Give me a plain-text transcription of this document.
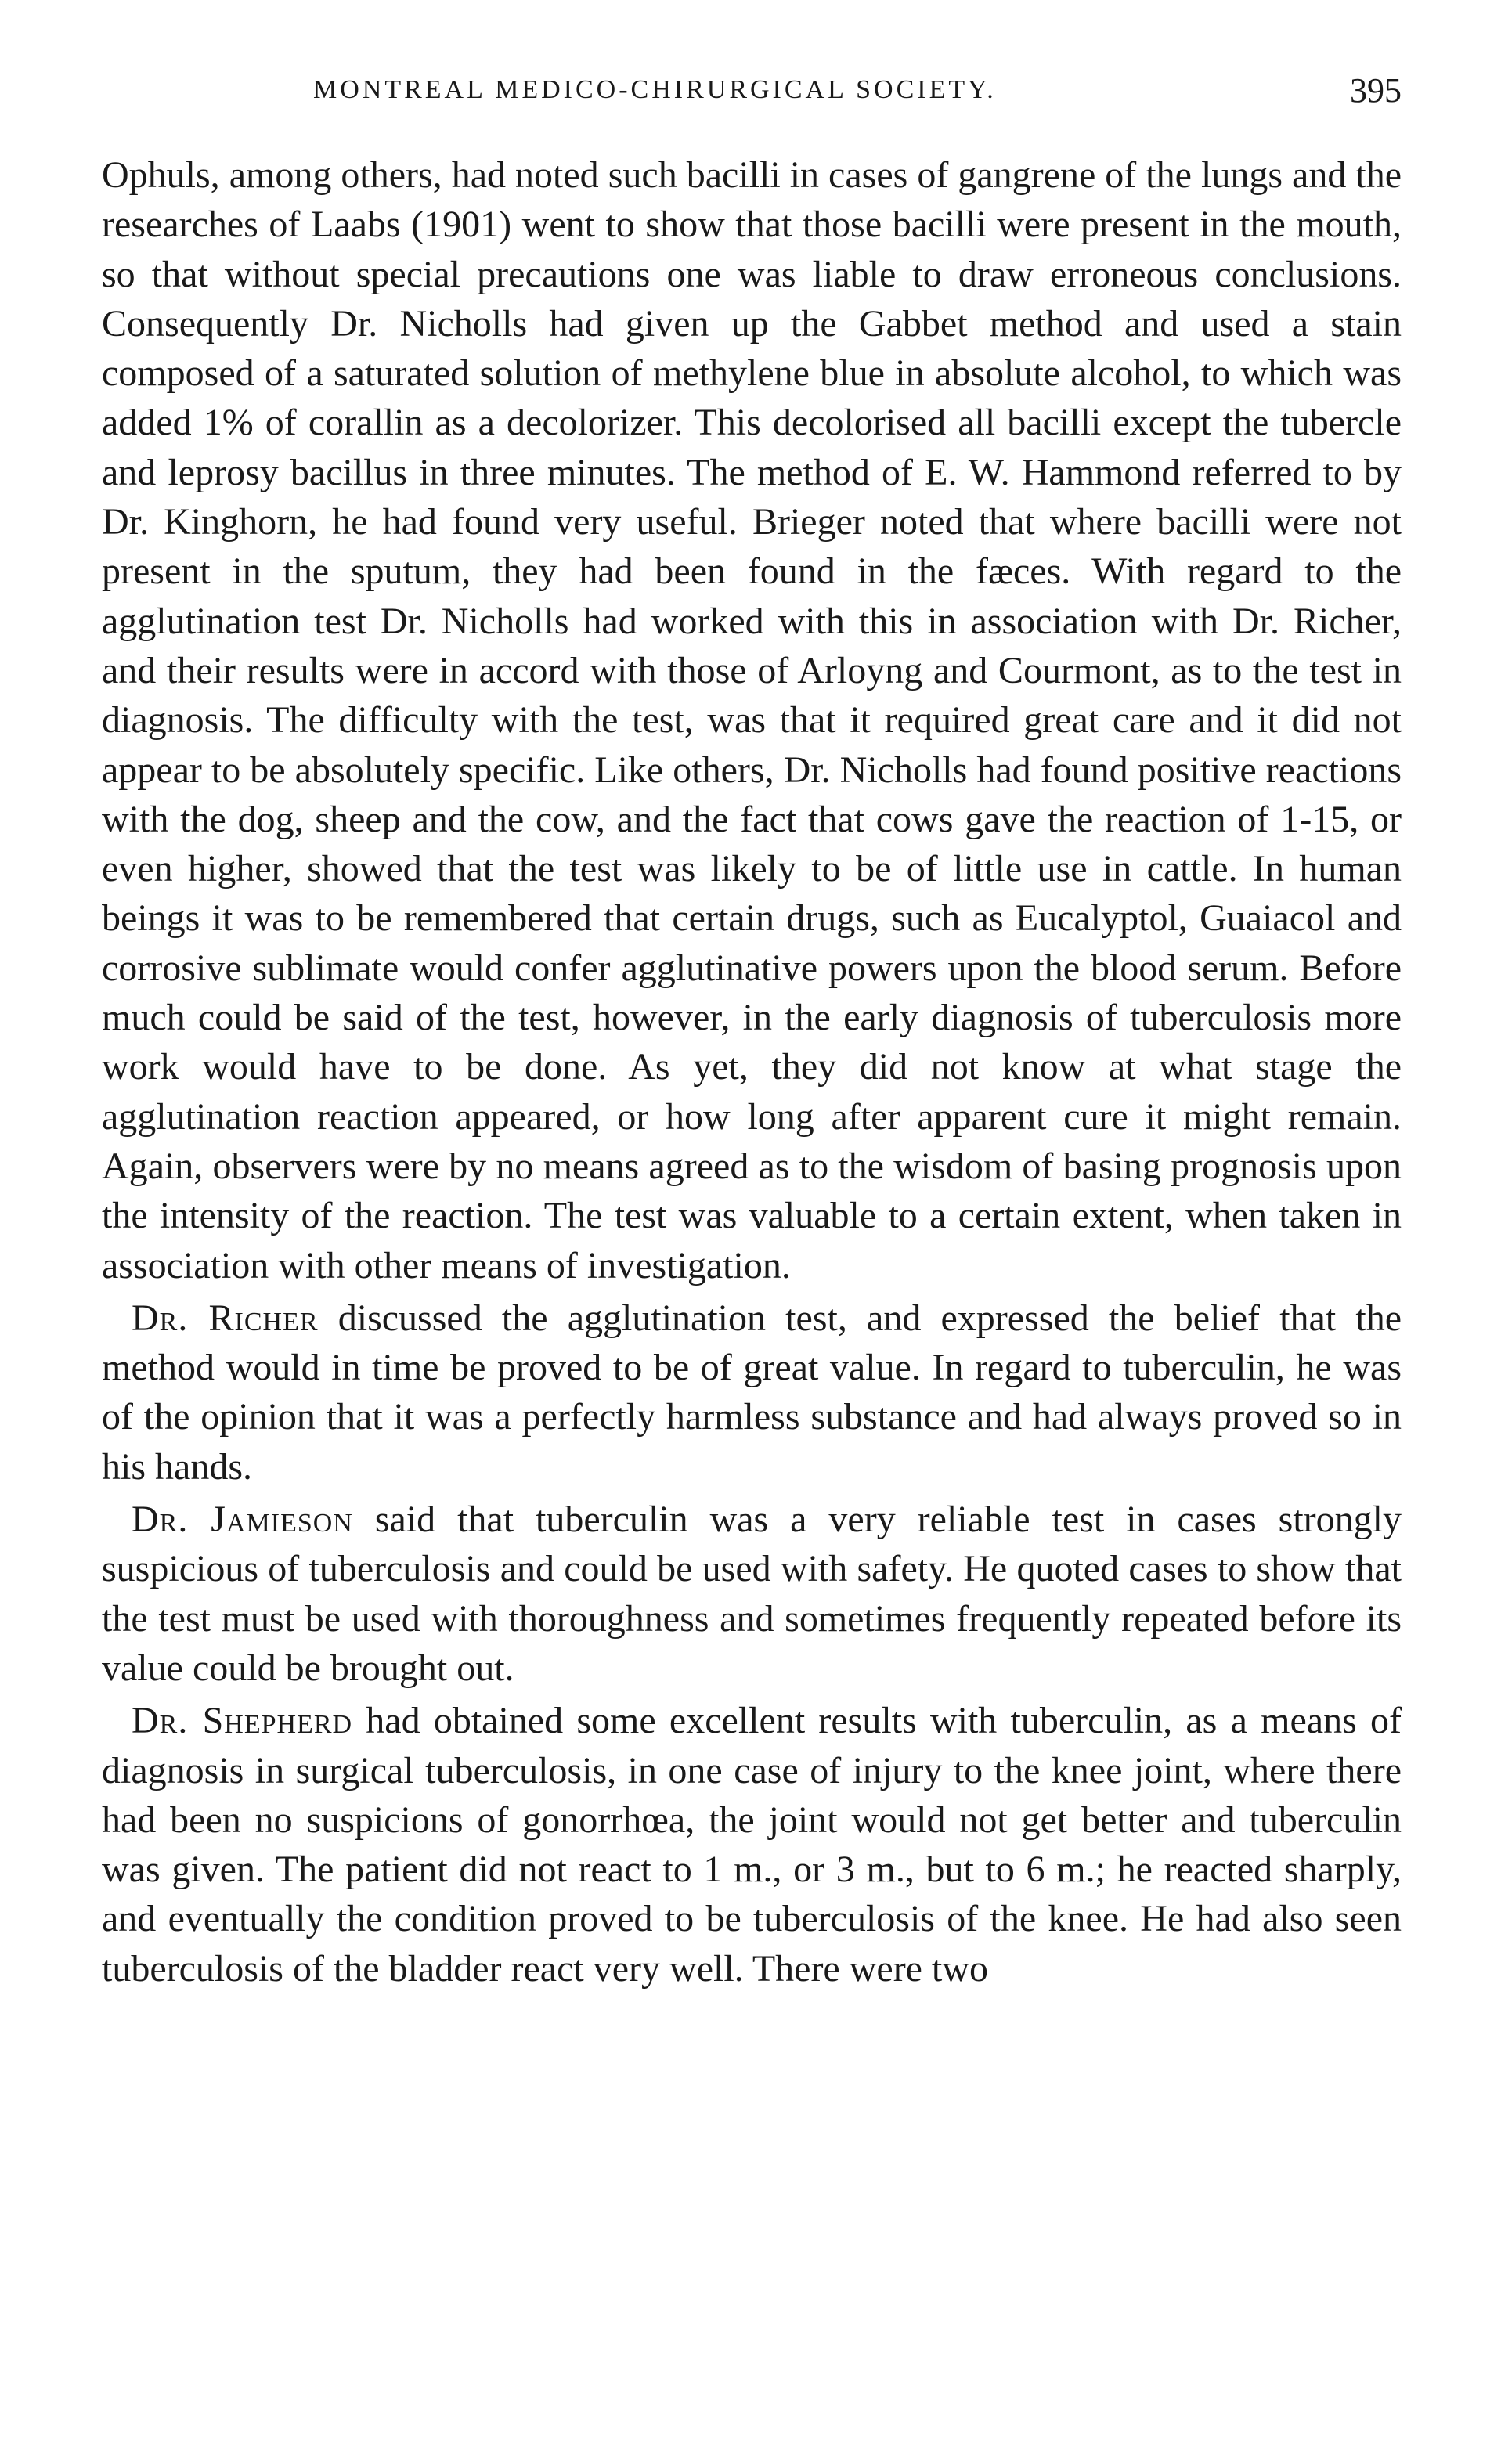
MONTREAL MEDICO-CHIRURGICAL SOCIETY.	395

Ophuls, among others, had noted such bacilli in cases of gangrene of the lungs and the researches of Laabs (1901) went to show that those bacilli were present in the mouth, so that without special precautions one was liable to draw erroneous conclusions. Consequently Dr. Nicholls had given up the Gabbet method and used a stain composed of a saturated solution of methylene blue in absolute alcohol, to which was added 1% of corallin as a decolorizer. This decolorised all bacilli except the tubercle and leprosy bacillus in three minutes. The method of E. W. Hammond referred to by Dr. Kinghorn, he had found very useful. Brieger noted that where bacilli were not present in the sputum, they had been found in the fæces. With regard to the agglutination test Dr. Nicholls had worked with this in association with Dr. Richer, and their results were in accord with those of Arloyng and Courmont, as to the test in diagnosis. The difficulty with the test, was that it required great care and it did not appear to be absolutely specific. Like others, Dr. Nicholls had found positive reactions with the dog, sheep and the cow, and the fact that cows gave the reaction of 1-15, or even higher, showed that the test was likely to be of little use in cattle. In human beings it was to be remembered that certain drugs, such as Eucalyptol, Guaiacol and corrosive sublimate would confer agglutinative powers upon the blood serum. Before much could be said of the test, however, in the early diagnosis of tuberculosis more work would have to be done. As yet, they did not know at what stage the agglutination reaction appeared, or how long after apparent cure it might remain. Again, observers were by no means agreed as to the wisdom of basing prognosis upon the intensity of the reaction. The test was valuable to a certain extent, when taken in association with other means of investigation.

Dr. Richer discussed the agglutination test, and expressed the belief that the method would in time be proved to be of great value. In regard to tuberculin, he was of the opinion that it was a perfectly harmless substance and had always proved so in his hands.

Dr. Jamieson said that tuberculin was a very reliable test in cases strongly suspicious of tuberculosis and could be used with safety. He quoted cases to show that the test must be used with thoroughness and sometimes frequently repeated before its value could be brought out.

Dr. Shepherd had obtained some excellent results with tuberculin, as a means of diagnosis in surgical tuberculosis, in one case of injury to the knee joint, where there had been no suspicions of gonorrhœa, the joint would not get better and tuberculin was given. The patient did not react to 1 m., or 3 m., but to 6 m.; he reacted sharply, and eventually the condition proved to be tuberculosis of the knee. He had also seen tuberculosis of the bladder react very well. There were two
